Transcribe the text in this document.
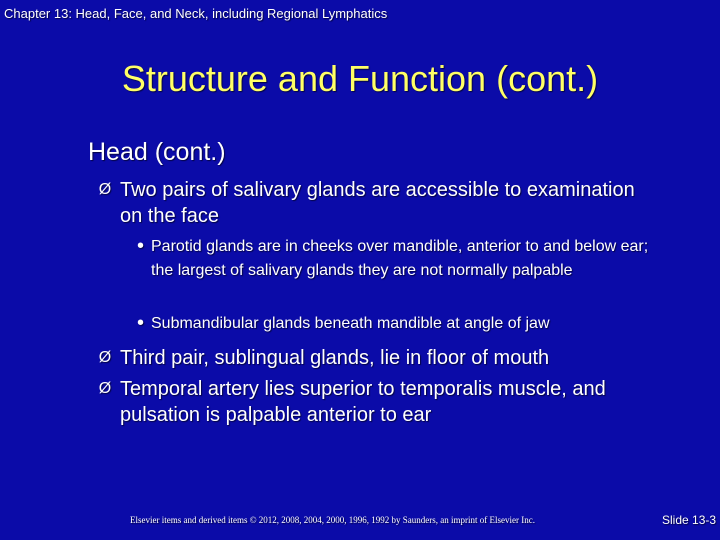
Chapter 13: Head, Face, and Neck, including Regional Lymphatics
Structure and Function (cont.)
Head (cont.)
Ø Two pairs of salivary glands are accessible to examination on the face
• Parotid glands are in cheeks over mandible, anterior to and below ear; the largest of salivary glands they are not normally palpable
• Submandibular glands beneath mandible at angle of jaw
Ø Third pair, sublingual glands, lie in floor of mouth
Ø Temporal artery lies superior to temporalis muscle, and pulsation is palpable anterior to ear
Elsevier items and derived items © 2012, 2008, 2004, 2000, 1996, 1992 by Saunders, an imprint of Elsevier Inc.	Slide 13-3
